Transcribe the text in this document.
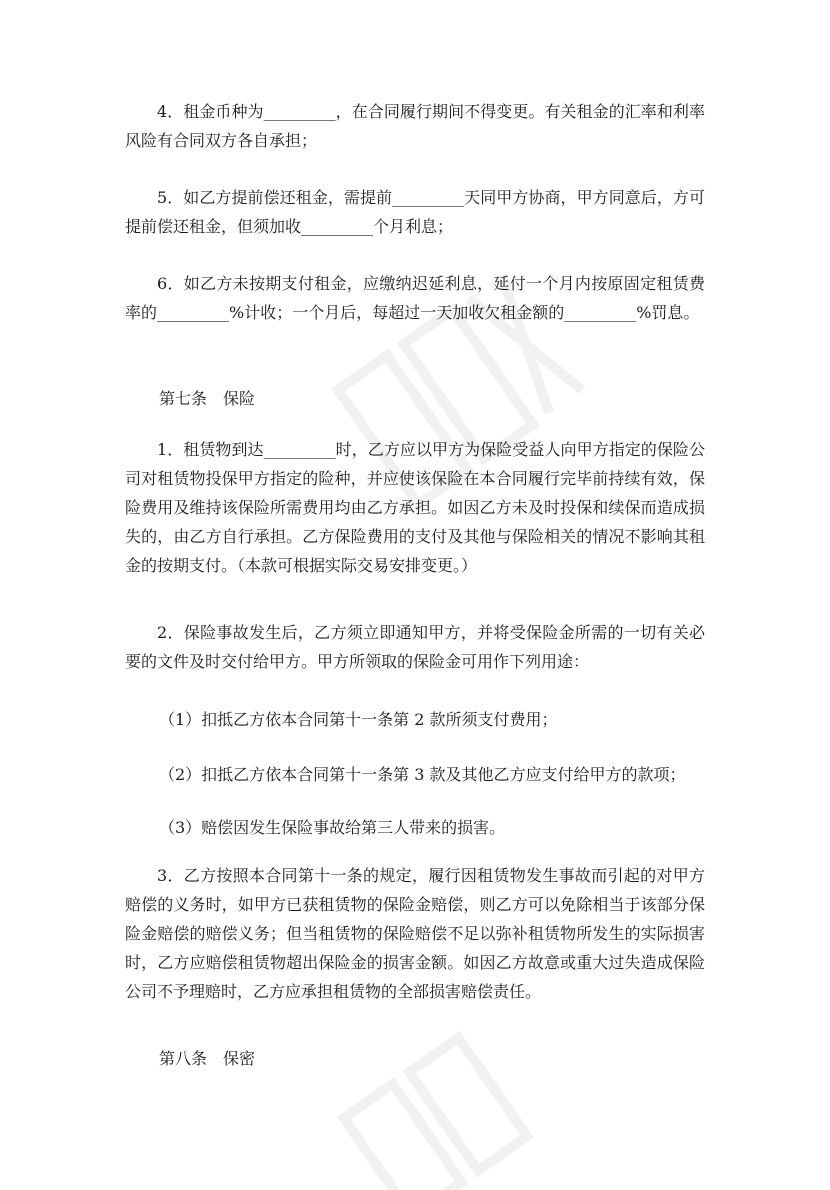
4．租金币种为_________，在合同履行期间不得变更。有关租金的汇率和利率风险有合同双方各自承担；

5．如乙方提前偿还租金，需提前_________天同甲方协商，甲方同意后，方可提前偿还租金，但须加收_________个月利息；

6．如乙方未按期支付租金，应缴纳迟延利息，延付一个月内按原固定租赁费率的_________%计收；一个月后，每超过一天加收欠租金额的_________%罚息。

第七条　保险

1．租赁物到达_________时，乙方应以甲方为保险受益人向甲方指定的保险公司对租赁物投保甲方指定的险种，并应使该保险在本合同履行完毕前持续有效，保险费用及维持该保险所需费用均由乙方承担。如因乙方未及时投保和续保而造成损失的，由乙方自行承担。乙方保险费用的支付及其他与保险相关的情况不影响其租金的按期支付。（本款可根据实际交易安排变更。）

2．保险事故发生后，乙方须立即通知甲方，并将受保险金所需的一切有关必要的文件及时交付给甲方。甲方所领取的保险金可用作下列用途：

（1）扣抵乙方依本合同第十一条第 2 款所须支付费用；

（2）扣抵乙方依本合同第十一条第 3 款及其他乙方应支付给甲方的款项；

（3）赔偿因发生保险事故给第三人带来的损害。

3．乙方按照本合同第十一条的规定，履行因租赁物发生事故而引起的对甲方赔偿的义务时，如甲方已获租赁物的保险金赔偿，则乙方可以免除相当于该部分保险金赔偿的赔偿义务；但当租赁物的保险赔偿不足以弥补租赁物所发生的实际损害时，乙方应赔偿租赁物超出保险金的损害金额。如因乙方故意或重大过失造成保险公司不予理赔时，乙方应承担租赁物的全部损害赔偿责任。

第八条　保密
